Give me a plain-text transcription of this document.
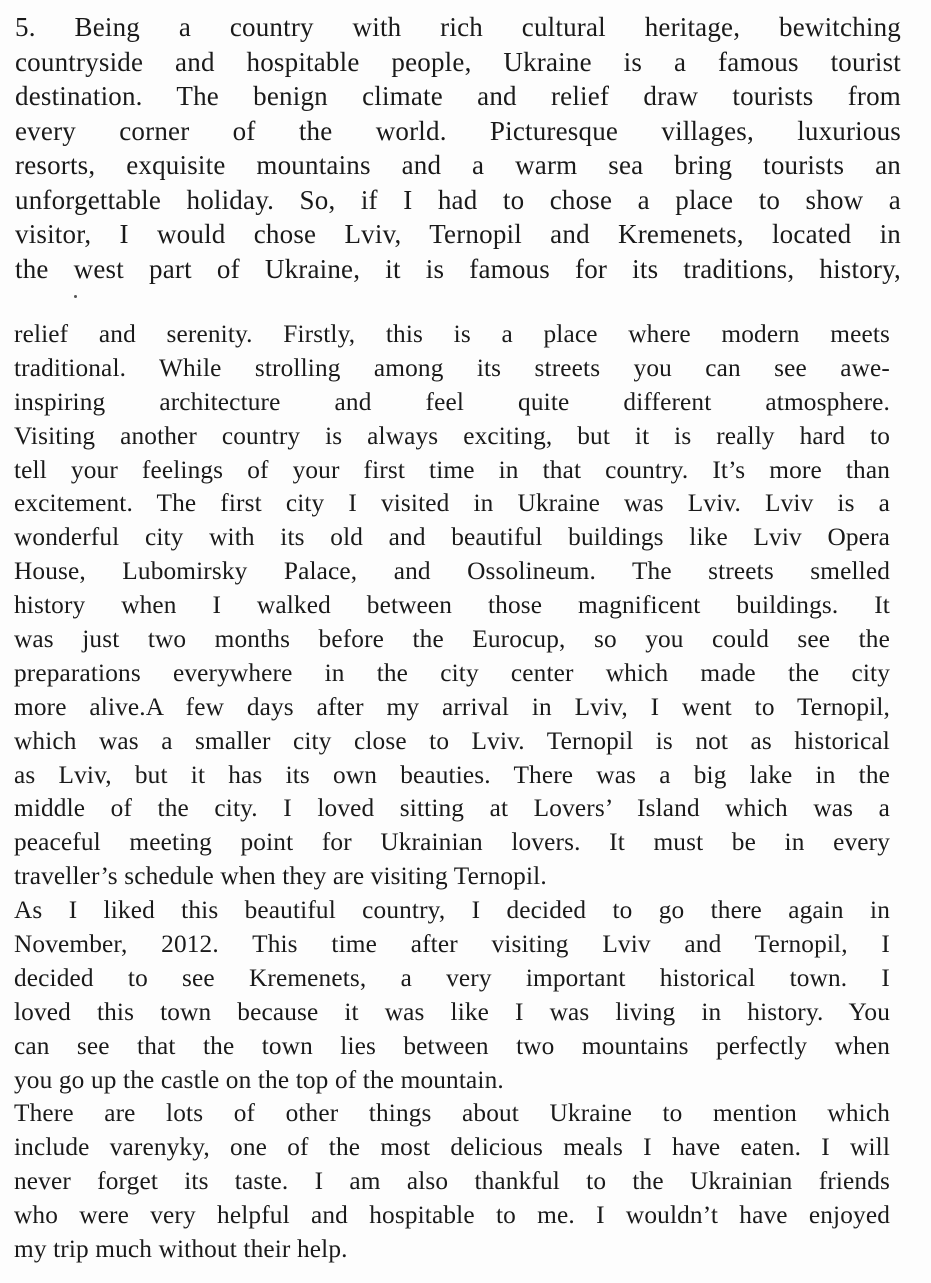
5. Being a country with rich cultural heritage, bewitching
countryside and hospitable people, Ukraine is a famous tourist
destination. The benign climate and relief draw tourists from
every corner of the world. Picturesque villages, luxurious
resorts, exquisite mountains and a warm sea bring tourists an
unforgettable holiday. So, if I had to chose a place to show a
visitor, I would chose Lviv, Ternopil and Kremenets, located in
the west part of Ukraine, it is famous for its traditions, history,
relief and serenity. Firstly, this is a place where modern meets
traditional. While strolling among its streets you can see awe-
inspiring architecture and feel quite different atmosphere.
Visiting another country is always exciting, but it is really hard to
tell your feelings of your first time in that country. It’s more than
excitement. The first city I visited in Ukraine was Lviv. Lviv is a
wonderful city with its old and beautiful buildings like Lviv Opera
House, Lubomirsky Palace, and Ossolineum. The streets smelled
history when I walked between those magnificent buildings. It
was just two months before the Eurocup, so you could see the
preparations everywhere in the city center which made the city
more alive.A few days after my arrival in Lviv, I went to Ternopil,
which was a smaller city close to Lviv. Ternopil is not as historical
as Lviv, but it has its own beauties. There was a big lake in the
middle of the city. I loved sitting at Lovers’ Island which was a
peaceful meeting point for Ukrainian lovers. It must be in every
traveller’s schedule when they are visiting Ternopil.
As I liked this beautiful country, I decided to go there again in
November, 2012. This time after visiting Lviv and Ternopil, I
decided to see Kremenets, a very important historical town. I
loved this town because it was like I was living in history. You
can see that the town lies between two mountains perfectly when
you go up the castle on the top of the mountain.
There are lots of other things about Ukraine to mention which
include varenyky, one of the most delicious meals I have eaten. I will
never forget its taste. I am also thankful to the Ukrainian friends
who were very helpful and hospitable to me. I wouldn’t have enjoyed
my trip much without their help.
